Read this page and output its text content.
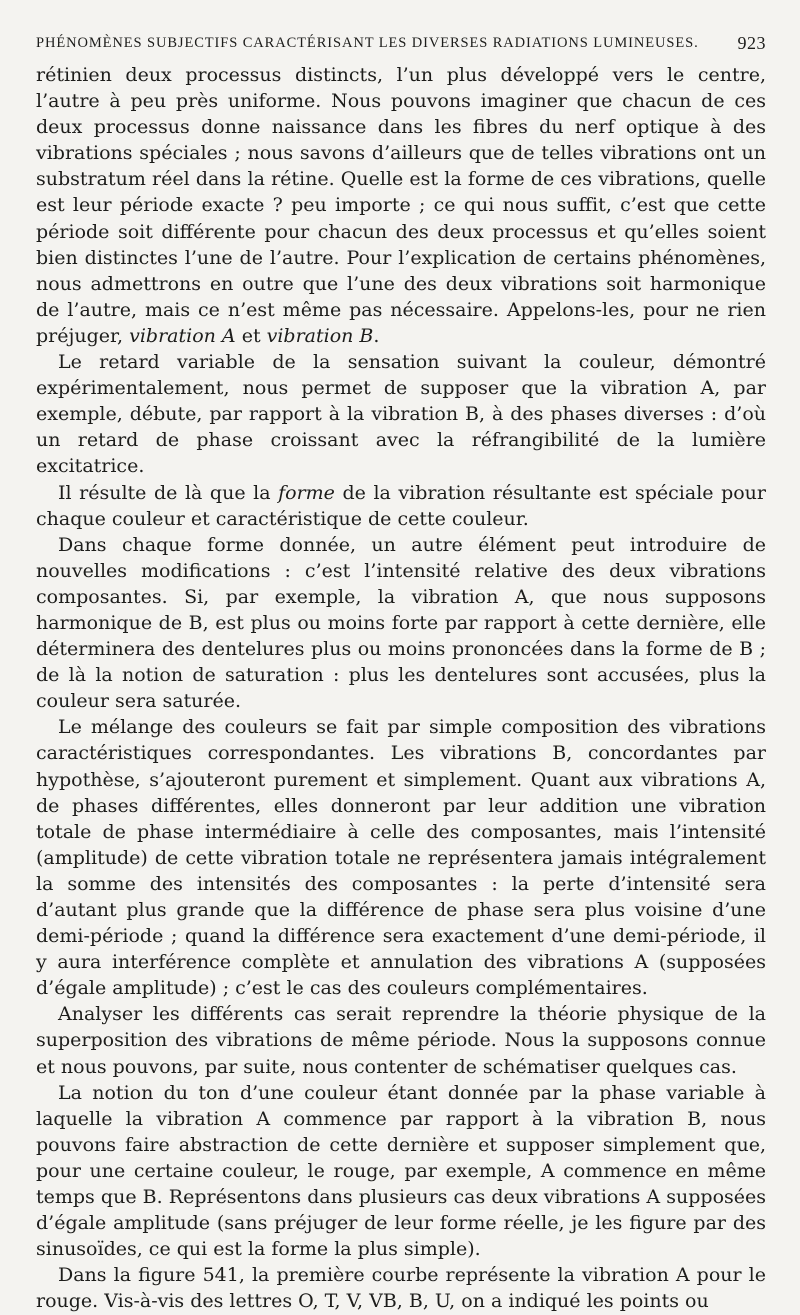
PHÉNOMÈNES SUBJECTIFS CARACTÉRISANT LES DIVERSES RADIATIONS LUMINEUSES. 923

rétinien deux processus distincts, l’un plus développé vers le centre, l’autre à peu près uniforme. Nous pouvons imaginer que chacun de ces deux processus donne naissance dans les fibres du nerf optique à des vibrations spéciales ; nous savons d’ailleurs que de telles vibrations ont un substratum réel dans la rétine. Quelle est la forme de ces vibrations, quelle est leur période exacte ? peu importe ; ce qui nous suffit, c’est que cette période soit différente pour chacun des deux processus et qu’elles soient bien distinctes l’une de l’autre. Pour l’explication de certains phénomènes, nous admettrons en outre que l’une des deux vibrations soit harmonique de l’autre, mais ce n’est même pas nécessaire. Appelons-les, pour ne rien préjuger, vibration A et vibration B.

Le retard variable de la sensation suivant la couleur, démontré expérimentalement, nous permet de supposer que la vibration A, par exemple, débute, par rapport à la vibration B, à des phases diverses : d’où un retard de phase croissant avec la réfrangibilité de la lumière excitatrice.

Il résulte de là que la forme de la vibration résultante est spéciale pour chaque couleur et caractéristique de cette couleur.

Dans chaque forme donnée, un autre élément peut introduire de nouvelles modifications : c’est l’intensité relative des deux vibrations composantes. Si, par exemple, la vibration A, que nous supposons harmonique de B, est plus ou moins forte par rapport à cette dernière, elle déterminera des dentelures plus ou moins prononcées dans la forme de B ; de là la notion de saturation : plus les dentelures sont accusées, plus la couleur sera saturée.

Le mélange des couleurs se fait par simple composition des vibrations caractéristiques correspondantes. Les vibrations B, concordantes par hypothèse, s’ajouteront purement et simplement. Quant aux vibrations A, de phases différentes, elles donneront par leur addition une vibration totale de phase intermédiaire à celle des composantes, mais l’intensité (amplitude) de cette vibration totale ne représentera jamais intégralement la somme des intensités des composantes : la perte d’intensité sera d’autant plus grande que la différence de phase sera plus voisine d’une demi-période ; quand la différence sera exactement d’une demi-période, il y aura interférence complète et annulation des vibrations A (supposées d’égale amplitude) ; c’est le cas des couleurs complémentaires.

Analyser les différents cas serait reprendre la théorie physique de la superposition des vibrations de même période. Nous la supposons connue et nous pouvons, par suite, nous contenter de schématiser quelques cas.

La notion du ton d’une couleur étant donnée par la phase variable à laquelle la vibration A commence par rapport à la vibration B, nous pouvons faire abstraction de cette dernière et supposer simplement que, pour une certaine couleur, le rouge, par exemple, A commence en même temps que B. Représentons dans plusieurs cas deux vibrations A supposées d’égale amplitude (sans préjuger de leur forme réelle, je les figure par des sinusoïdes, ce qui est la forme la plus simple).

Dans la figure 541, la première courbe représente la vibration A pour le rouge. Vis-à-vis des lettres O, T, V, VB, B, U, on a indiqué les points ou
